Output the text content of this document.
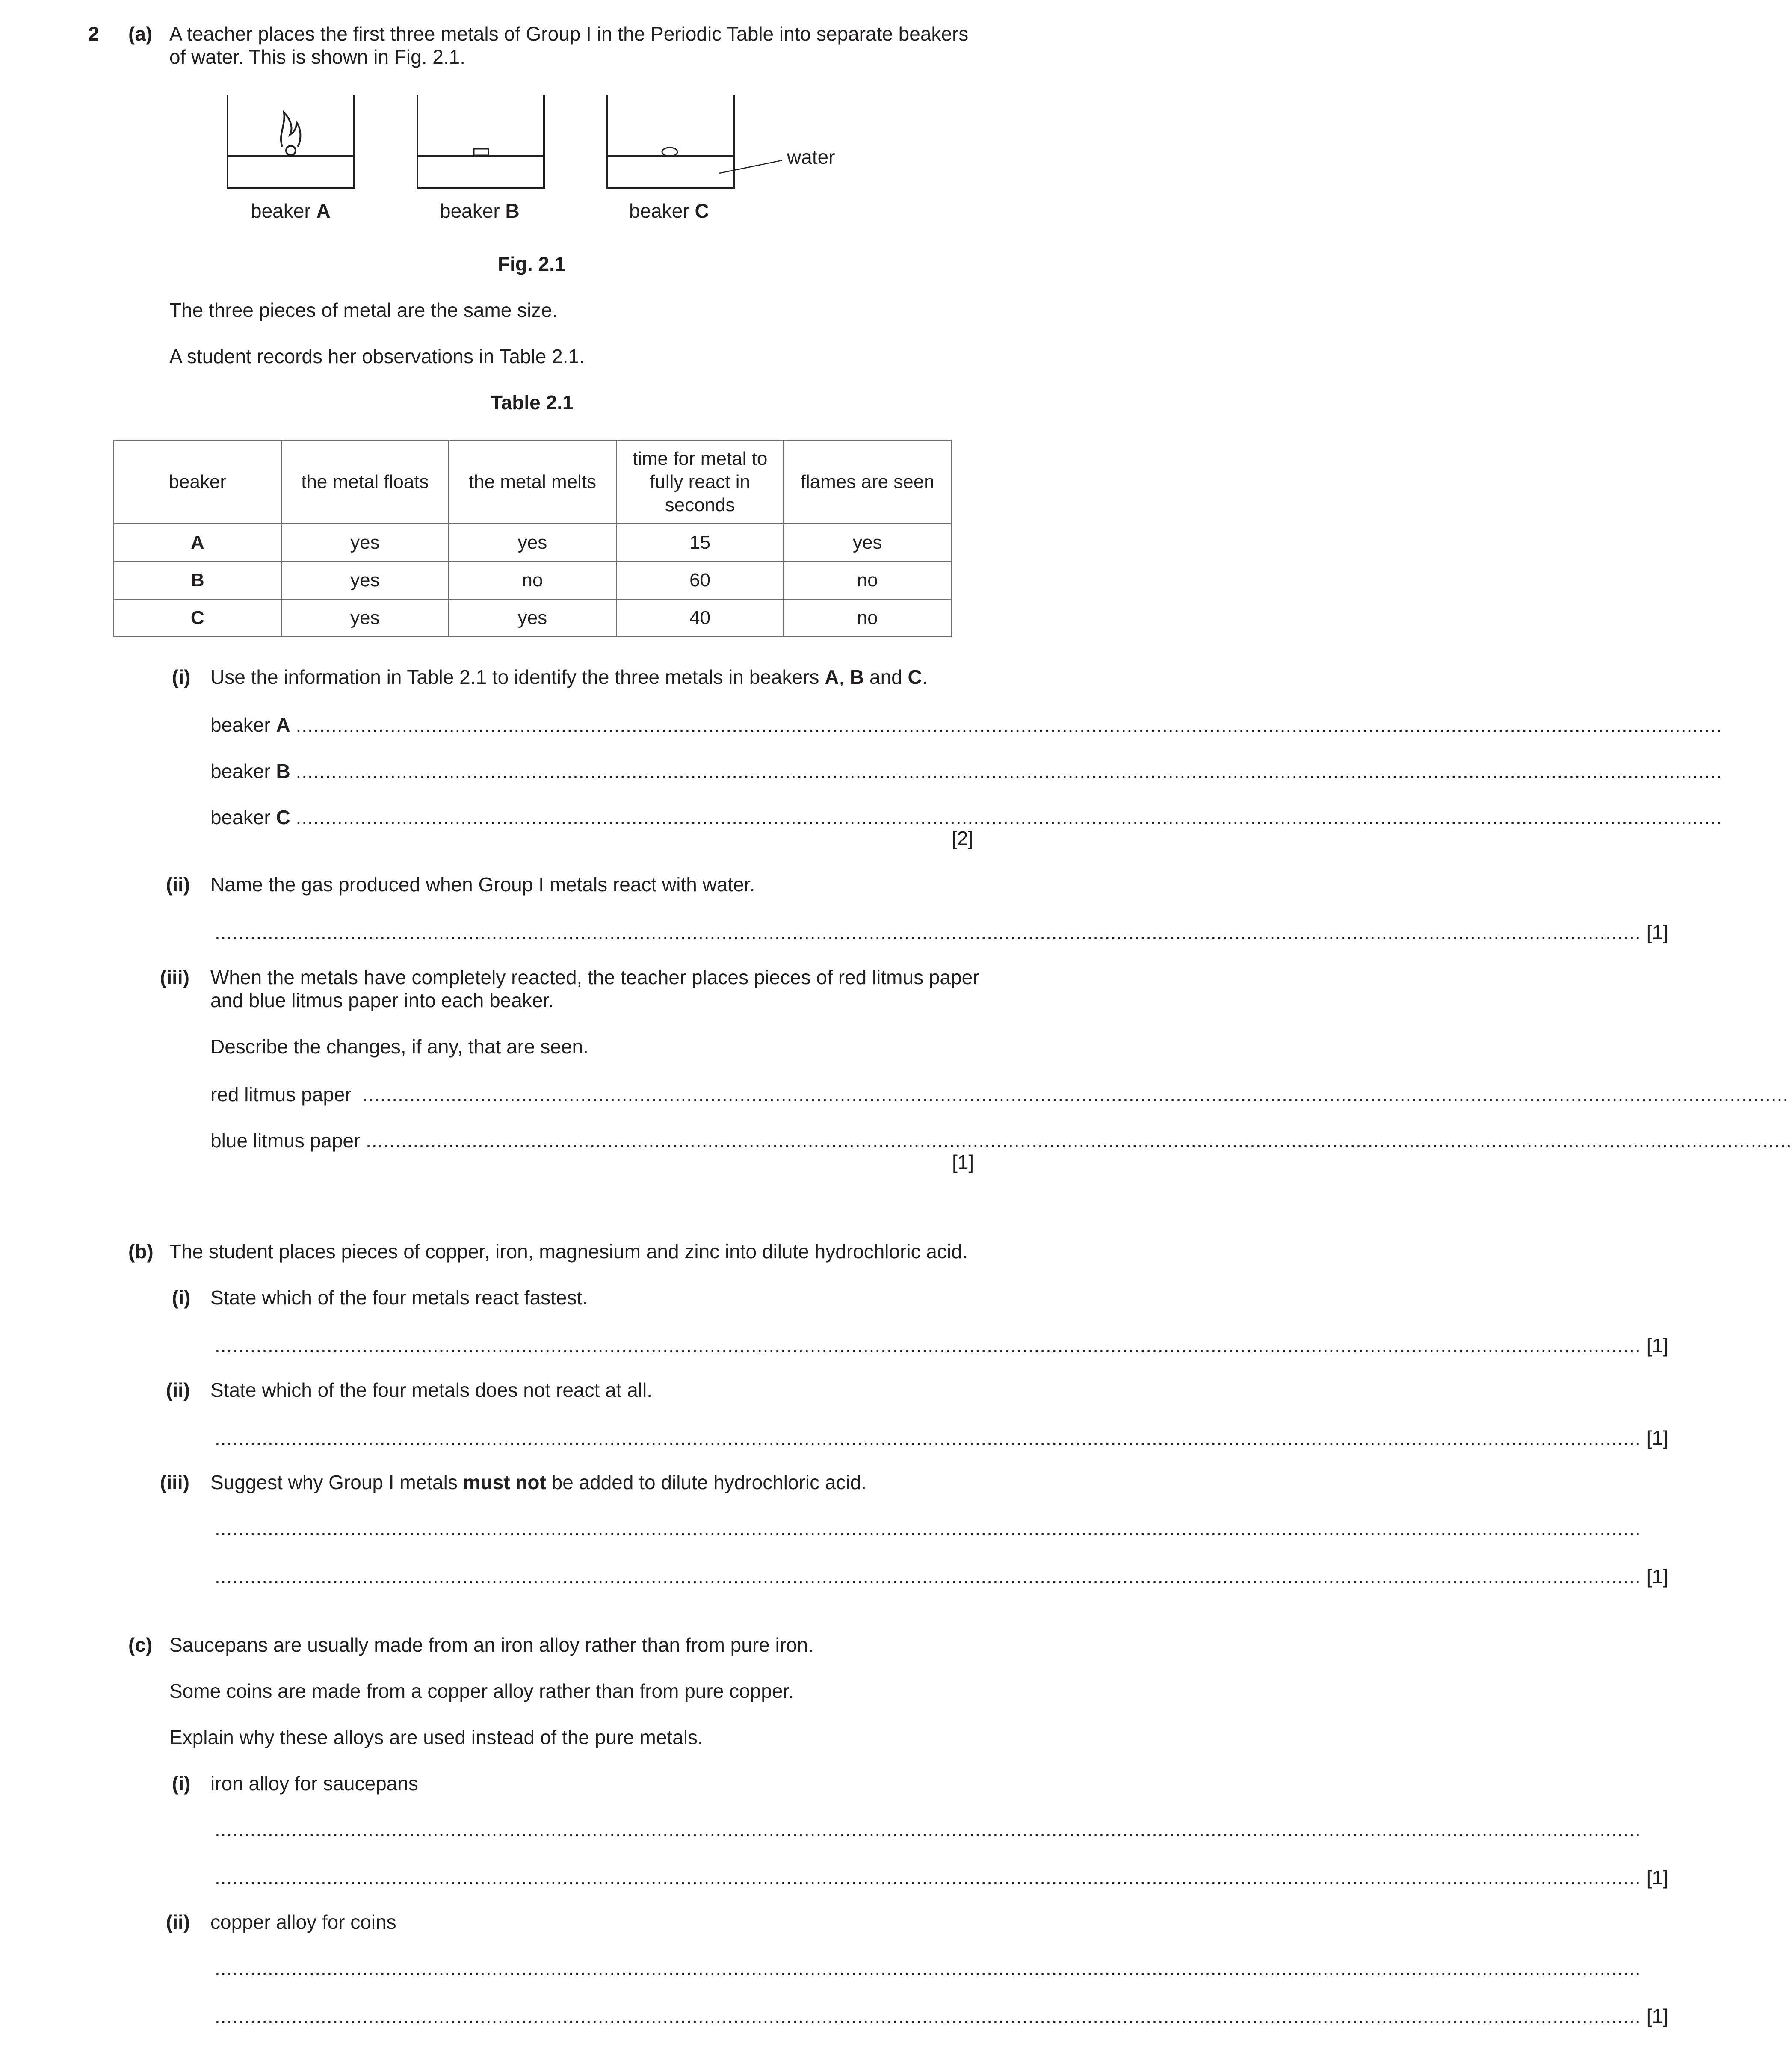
2 (a) A teacher places the first three metals of Group I in the Periodic Table into separate beakers
of water. This is shown in Fig. 2.1.
water
beaker A	beaker B	beaker C
Fig. 2.1
The three pieces of metal are the same size.
A student records her observations in Table 2.1.
Table 2.1
beaker	the metal floats	the metal melts	time for metal to fully react in seconds	flames are seen
A	yes	yes	15	yes
B	yes	no	60	no
C	yes	yes	40	no
(i) Use the information in Table 2.1 to identify the three metals in beakers A, B and C.
beaker A ..................................................................................................................................................................................................................................................
beaker B ..................................................................................................................................................................................................................................................
beaker C ..................................................................................................................................................................................................................................................
[2]
(ii) Name the gas produced when Group I metals react with water.
.................................................................................................................................................................................................................................................. [1]
(iii) When the metals have completely reacted, the teacher places pieces of red litmus paper
and blue litmus paper into each beaker.
Describe the changes, if any, that are seen.
red litmus paper ..................................................................................................................................................................................................................................................
blue litmus paper ..................................................................................................................................................................................................................................................
[1]
(b) The student places pieces of copper, iron, magnesium and zinc into dilute hydrochloric acid.
(i) State which of the four metals react fastest.
.................................................................................................................................................................................................................................................. [1]
(ii) State which of the four metals does not react at all.
.................................................................................................................................................................................................................................................. [1]
(iii) Suggest why Group I metals must not be added to dilute hydrochloric acid.
..................................................................................................................................................................................................................................................
.................................................................................................................................................................................................................................................. [1]
(c) Saucepans are usually made from an iron alloy rather than from pure iron.
Some coins are made from a copper alloy rather than from pure copper.
Explain why these alloys are used instead of the pure metals.
(i) iron alloy for saucepans
..................................................................................................................................................................................................................................................
.................................................................................................................................................................................................................................................. [1]
(ii) copper alloy for coins
..................................................................................................................................................................................................................................................
.................................................................................................................................................................................................................................................. [1]
